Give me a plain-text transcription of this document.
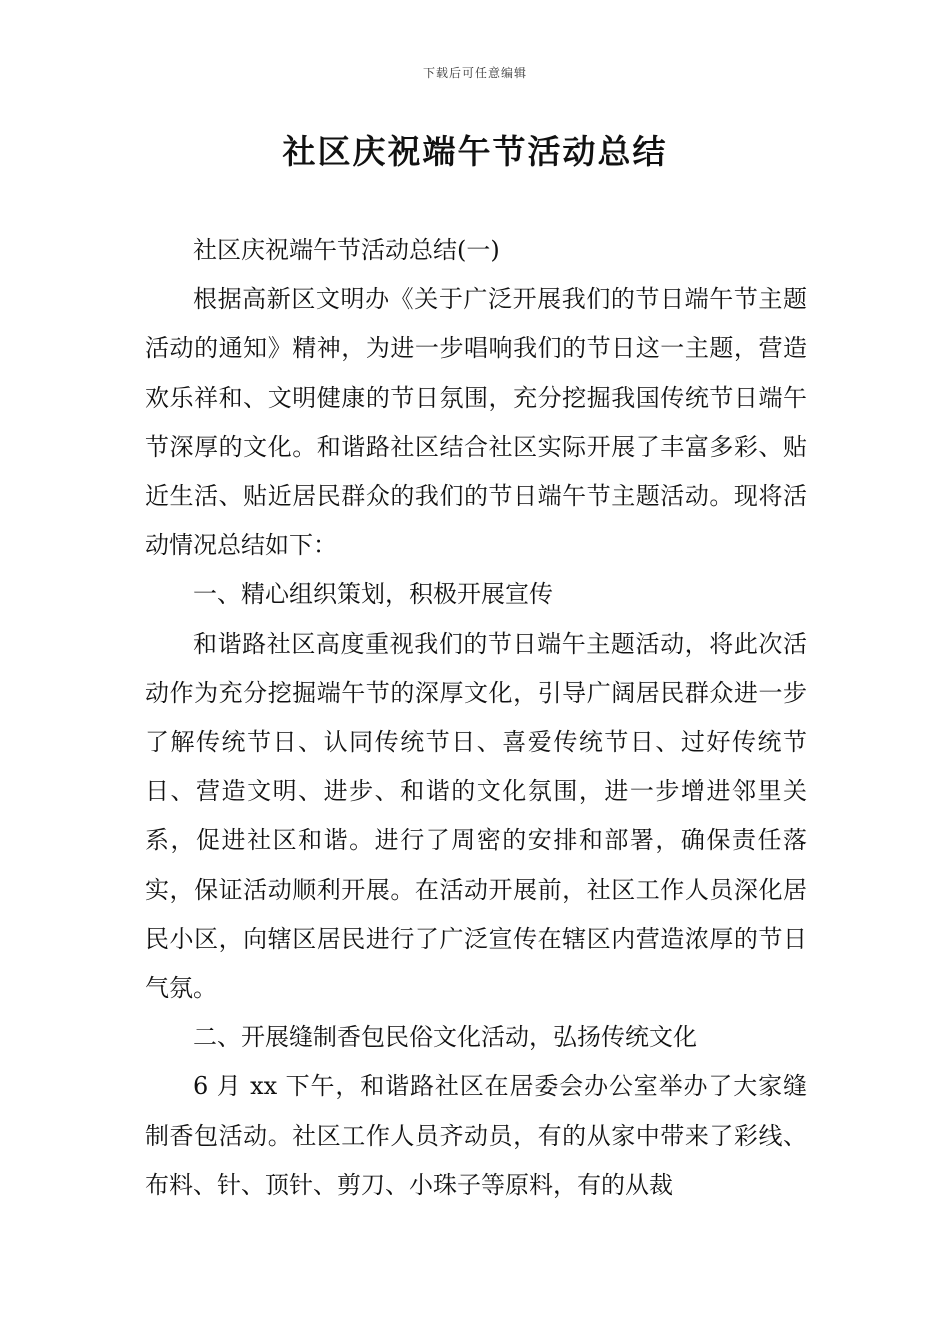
下载后可任意编辑
社区庆祝端午节活动总结

社区庆祝端午节活动总结(一)

根据高新区文明办《关于广泛开展我们的节日端午节主题活动的通知》精神，为进一步唱响我们的节日这一主题，营造欢乐祥和、文明健康的节日氛围，充分挖掘我国传统节日端午节深厚的文化。和谐路社区结合社区实际开展了丰富多彩、贴近生活、贴近居民群众的我们的节日端午节主题活动。现将活动情况总结如下：

一、精心组织策划，积极开展宣传

和谐路社区高度重视我们的节日端午主题活动，将此次活动作为充分挖掘端午节的深厚文化，引导广阔居民群众进一步了解传统节日、认同传统节日、喜爱传统节日、过好传统节日、营造文明、进步、和谐的文化氛围，进一步增进邻里关系，促进社区和谐。进行了周密的安排和部署，确保责任落实，保证活动顺利开展。在活动开展前，社区工作人员深化居民小区，向辖区居民进行了广泛宣传在辖区内营造浓厚的节日气氛。

二、开展缝制香包民俗文化活动，弘扬传统文化

6 月 xx 下午，和谐路社区在居委会办公室举办了大家缝制香包活动。社区工作人员齐动员，有的从家中带来了彩线、布料、针、顶针、剪刀、小珠子等原料，有的从裁
